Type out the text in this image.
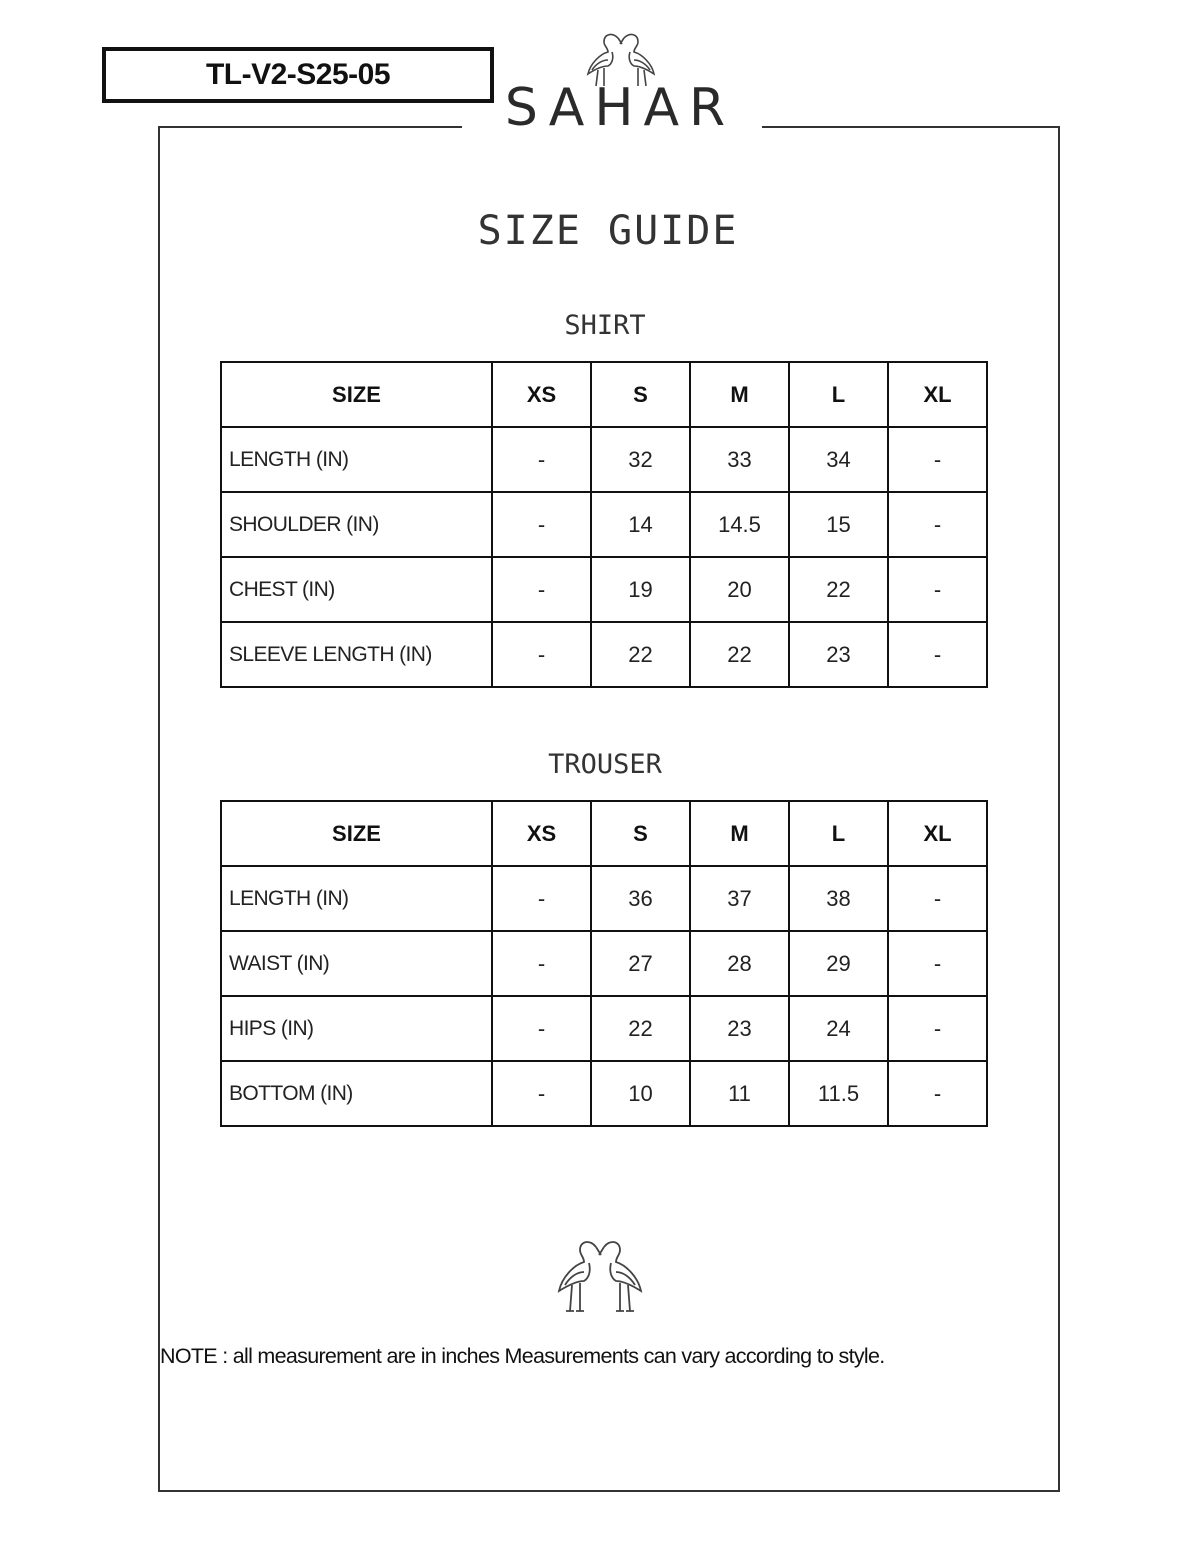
TL-V2-S25-05
SAHAR
SIZE GUIDE
SHIRT
SIZE	XS	S	M	L	XL
LENGTH (IN)	-	32	33	34	-
SHOULDER (IN)	-	14	14.5	15	-
CHEST (IN)	-	19	20	22	-
SLEEVE LENGTH (IN)	-	22	22	23	-
TROUSER
SIZE	XS	S	M	L	XL
LENGTH (IN)	-	36	37	38	-
WAIST (IN)	-	27	28	29	-
HIPS (IN)	-	22	23	24	-
BOTTOM (IN)	-	10	11	11.5	-
NOTE : all measurement are in inches Measurements can vary according to style.
